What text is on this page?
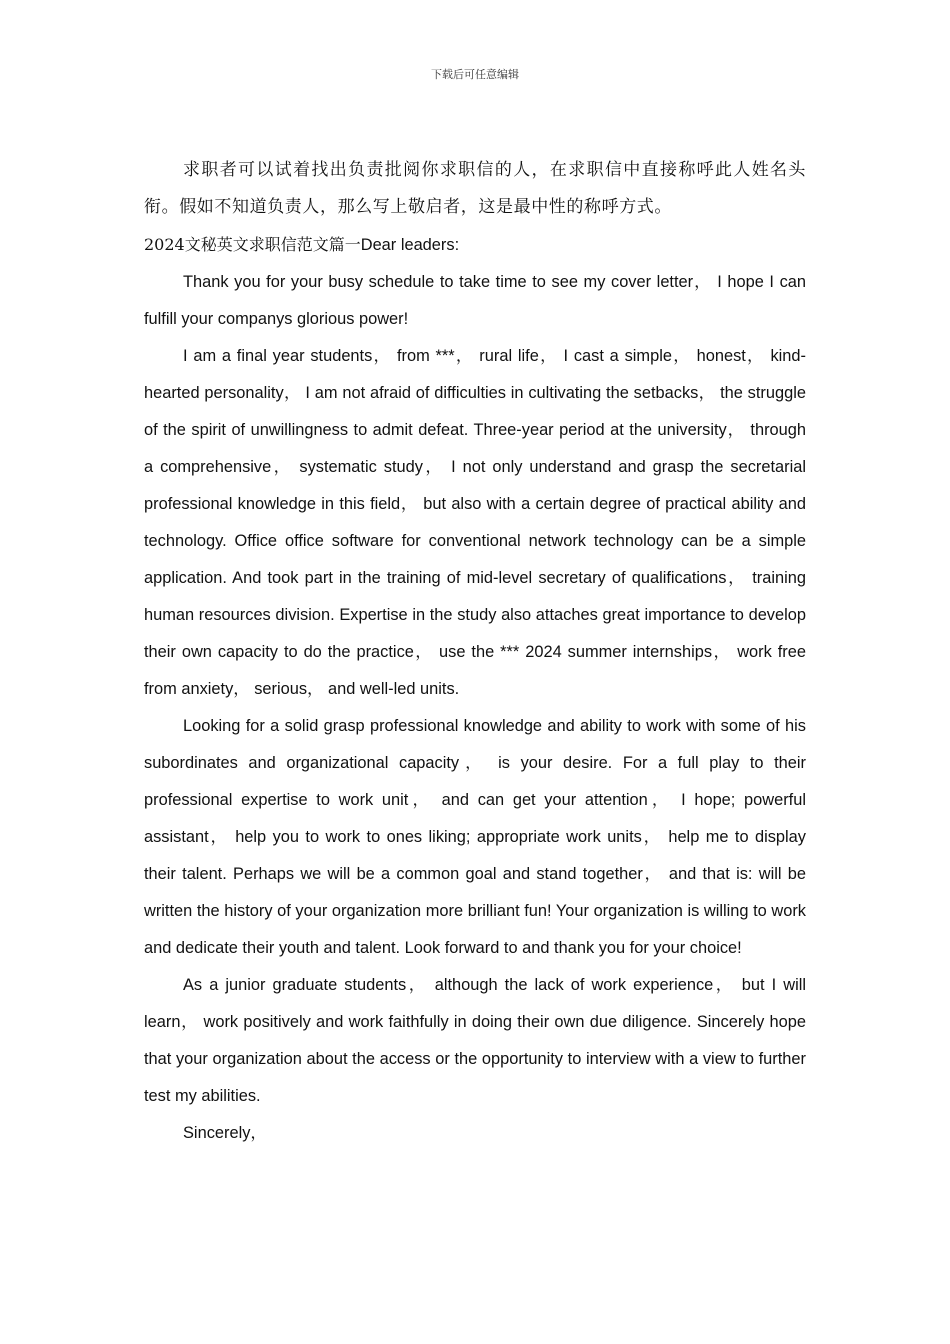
下载后可任意编辑

求职者可以试着找出负责批阅你求职信的人，在求职信中直接称呼此人姓名头衔。假如不知道负责人，那么写上敬启者，这是最中性的称呼方式。

2024文秘英文求职信范文篇一Dear leaders:

Thank you for your busy schedule to take time to see my cover letter， I hope I can fulfill your companys glorious power!

I am a final year students， from ***， rural life， I cast a simple， honest， kind-hearted personality， I am not afraid of difficulties in cultivating the setbacks， the struggle of the spirit of unwillingness to admit defeat. Three-year period at the university， through a comprehensive， systematic study， I not only understand and grasp the secretarial professional knowledge in this field， but also with a certain degree of practical ability and technology. Office office software for conventional network technology can be a simple application. And took part in the training of mid-level secretary of qualifications， training human resources division. Expertise in the study also attaches great importance to develop their own capacity to do the practice， use the *** 2024 summer internships， work free from anxiety， serious， and well-led units.

Looking for a solid grasp professional knowledge and ability to work with some of his subordinates and organizational capacity， is your desire. For a full play to their professional expertise to work unit， and can get your attention， I hope; powerful assistant， help you to work to ones liking; appropriate work units， help me to display their talent. Perhaps we will be a common goal and stand together， and that is: will be written the history of your organization more brilliant fun! Your organization is willing to work and dedicate their youth and talent. Look forward to and thank you for your choice!

As a junior graduate students， although the lack of work experience， but I will learn， work positively and work faithfully in doing their own due diligence. Sincerely hope that your organization about the access or the opportunity to interview with a view to further test my abilities.

Sincerely，
